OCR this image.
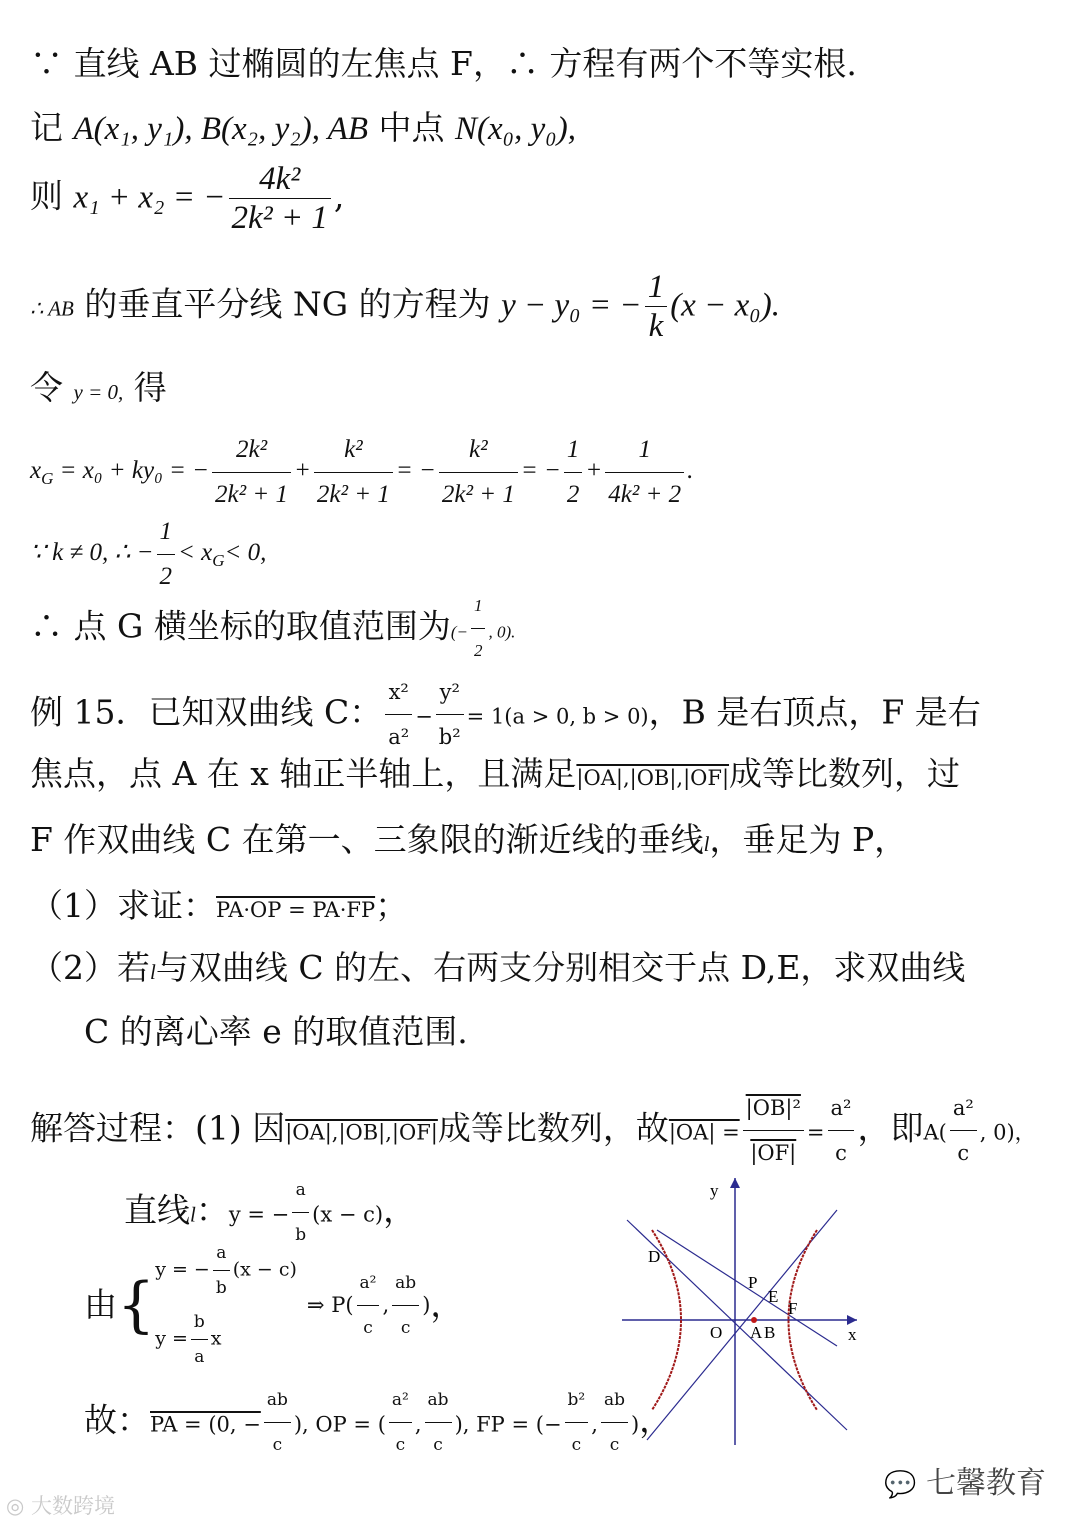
∵ 直线 AB 过椭圆的左焦点 F，∴ 方程有两个不等实根.
记 A(x₁, y₁), B(x₂, y₂), AB 中点 N(x₀, y₀),
则 x₁ + x₂ = − $\frac{\text{4k²}}{\text{2k² + 1}}$ ,
∴ AB 的垂直平分线 NG 的方程为 y − y₀ = − $\frac{1}{k} (x - x_0)$.
令 y = 0, 得
$x_G = x_0 + ky_0$ = − $\frac{\text{2k²}}{\text{2k² + 1}} + \frac{\text{k²}}{\text{2k² + 1}}$ = − $\frac{\text{k²}}{\text{2k² + 1}}$ = − $\frac{1}{2} + \frac{1}{\text{4k² + 2}}$ .
∵ k ≠ 0, ∴ − $\frac{1}{2} < x_G< 0$,
∴ 点 G 横坐标的取值范围为(− $\frac{1}{2}$ , 0).
例 15．已知双曲线 C： $\frac{\text{x²}}{\text{a²}} - \frac{\text{y²}}{\text{b²}} = 1(a > 0$, b > 0)，B 是右顶点，F 是右
焦点，点 A 在 x 轴正半轴上，且满足|OA|,|OB|,|OF|成等比数列，过
F 作双曲线 C 在第一、三象限的渐近线的垂线l，垂足为 P，
（1）求证：PA·OP = PA·FP；
（2）若l与双曲线 C 的左、右两支分别相交于点 D,E，求双曲线
C 的离心率 e 的取值范围.
解答过程：(1) 因|OA|,|OB|,|OF|成等比数列，故$|OA| = \frac{\text{|OB|²}}{|OF|} = \frac{\text{a²}}{c}$ ，即$A( \frac{\text{a²}}{c}$ , 0)，
直线l：y = − $\frac{a}{b} (x - c)$，
由{
y = − $\frac{a}{b} (x - c)$
$y = \frac{b}{a}$ x
⇒ $P( \frac{\text{a²}}{c}$ , $\frac{ab}{c}$ )，
故：PA = (0, − $\frac{ab}{c}$ ), OP = ( $\frac{\text{a²}}{c}$ , $\frac{ab}{c}$ ), FP = (− $\frac{\text{b²}}{c}$ , $\frac{ab}{c}$ )，
y
x
D
P
E
F
O A B
💬 七馨教育
◎ 大数跨境
